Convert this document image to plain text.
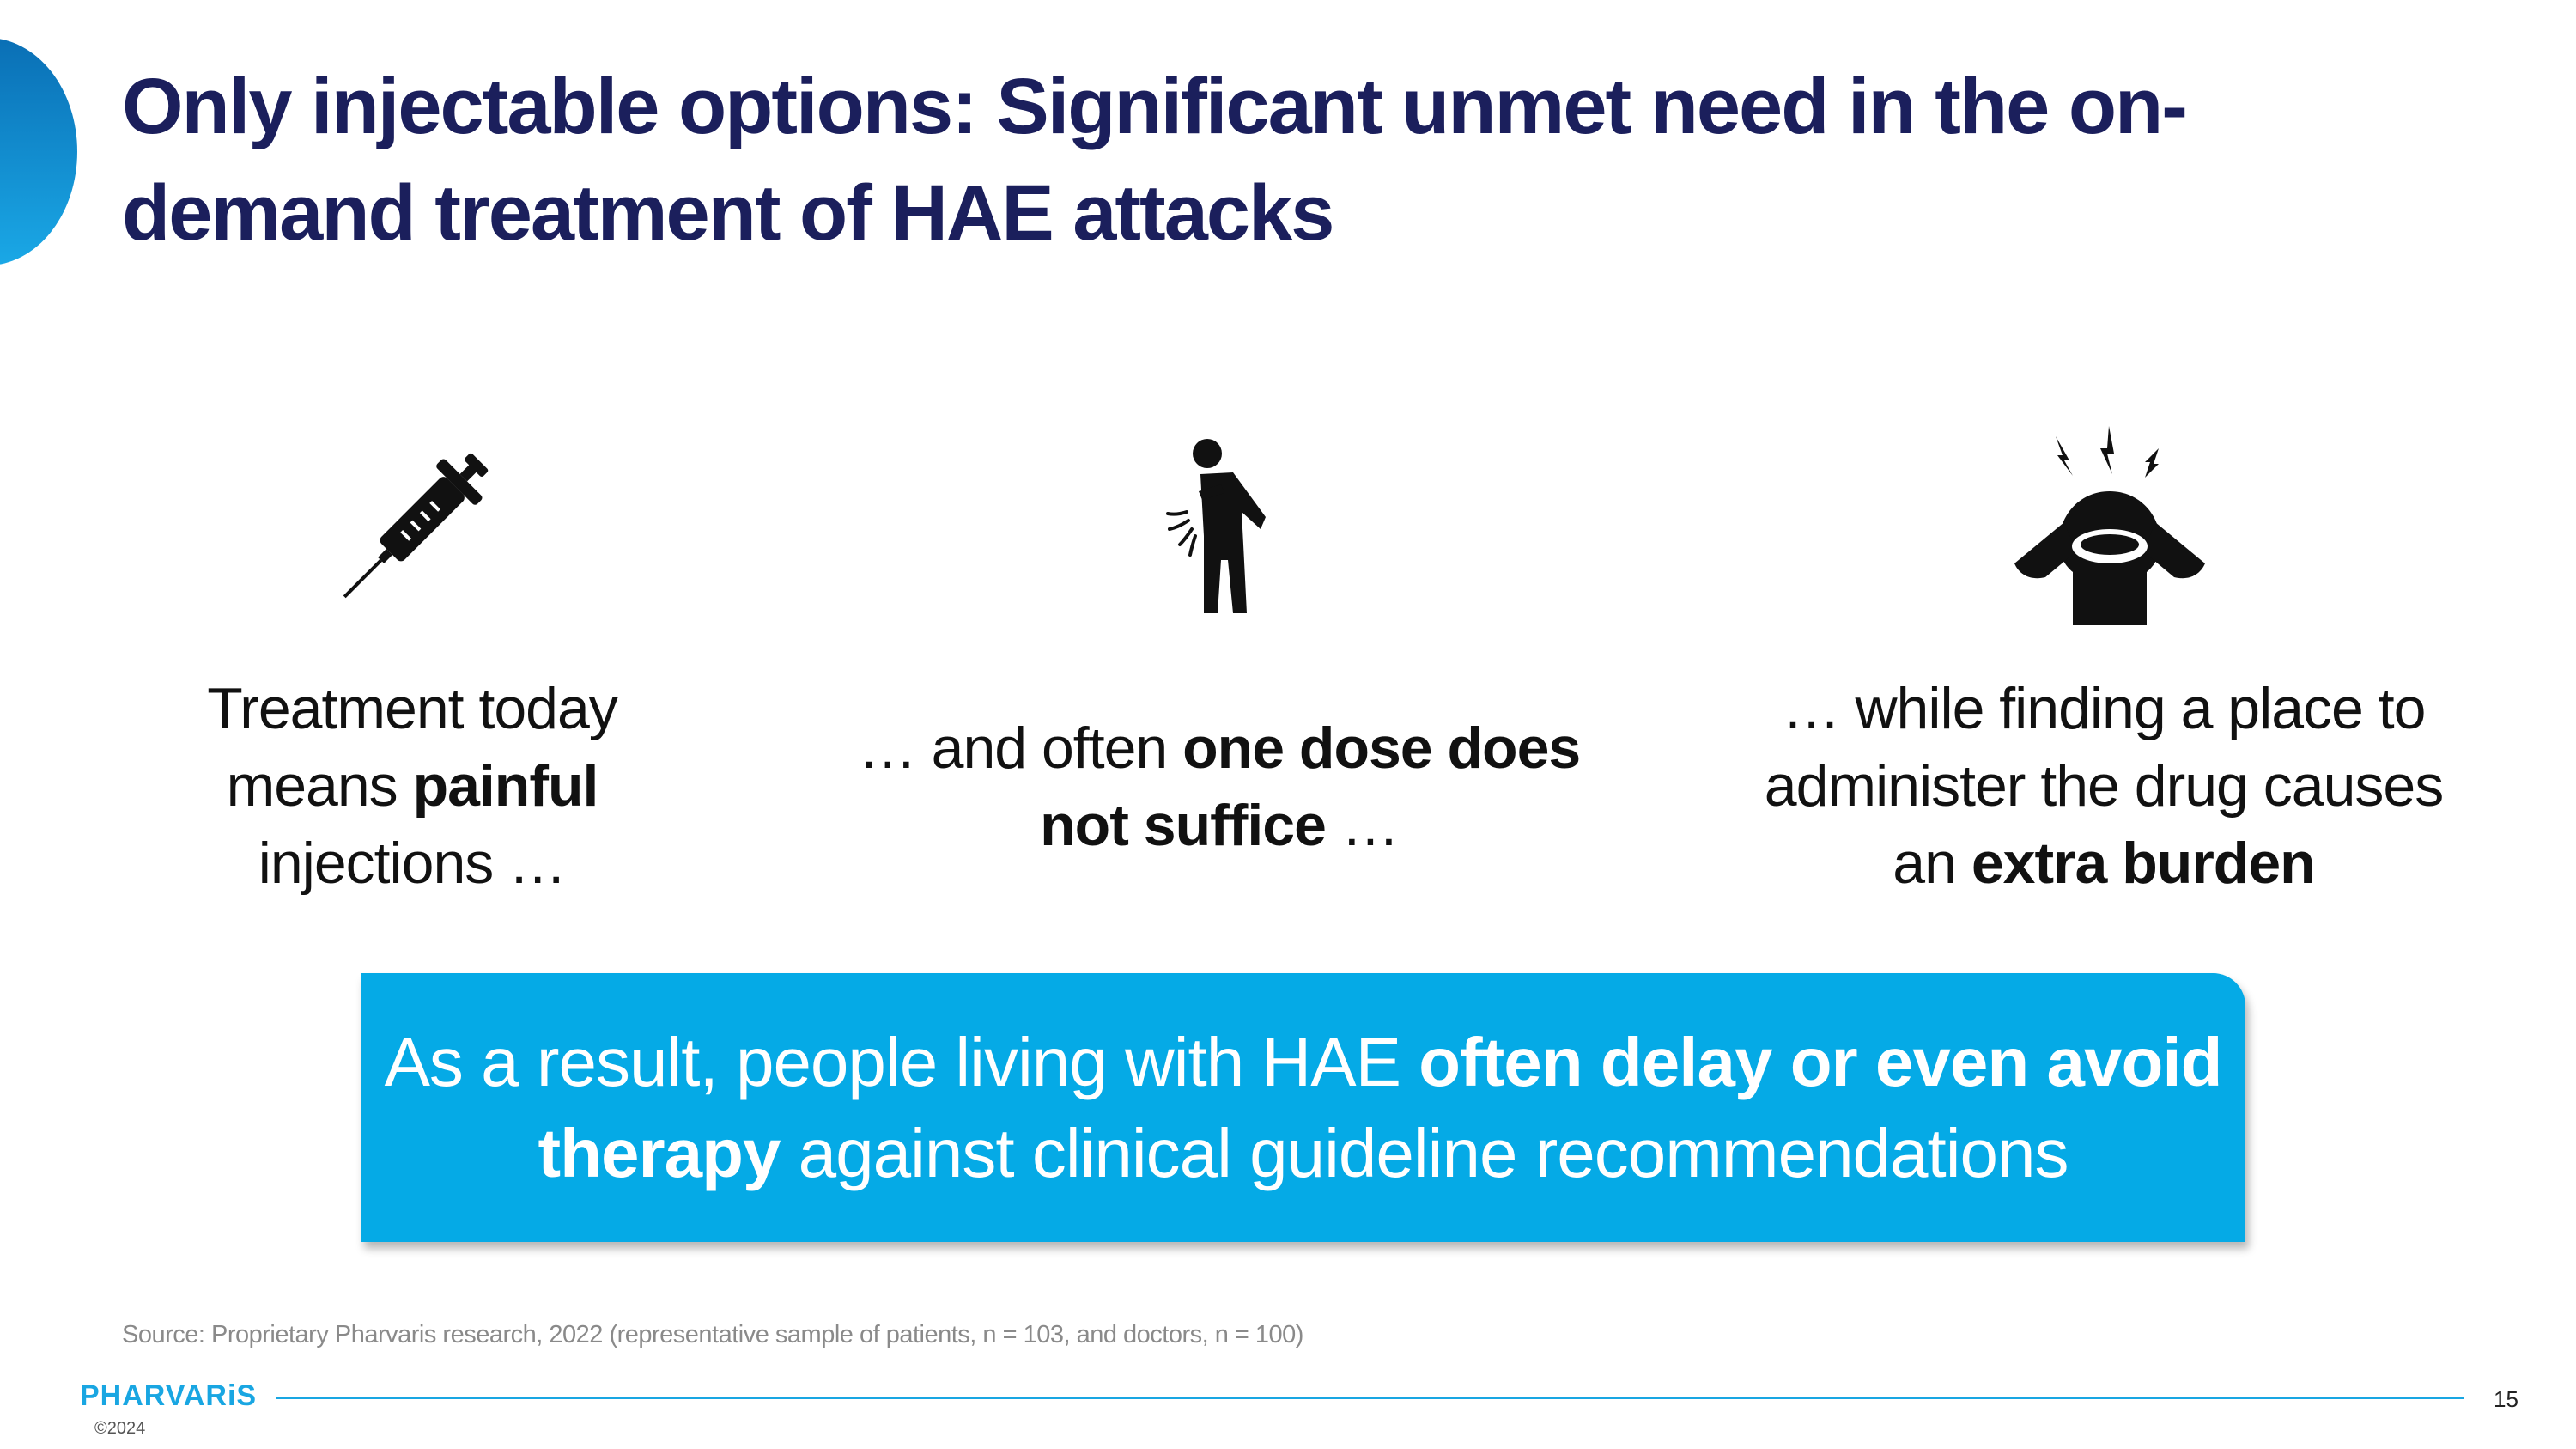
Only injectable options: Significant unmet need in the on-demand treatment of HAE attacks
Treatment today means painful injections …
… and often one dose does not suffice …
… while finding a place to administer the drug causes an extra burden
As a result, people living with HAE often delay or even avoid therapy against clinical guideline recommendations
Source: Proprietary Pharvaris research, 2022 (representative sample of patients, n = 103, and doctors, n = 100)
PHARVARiS
©2024
15
